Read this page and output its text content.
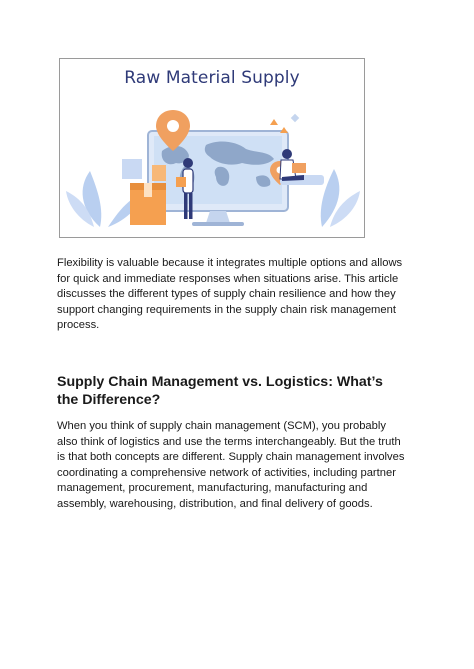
Raw Material Supply

Flexibility is valuable because it integrates multiple options and allows for quick and immediate responses when situations arise. This article discusses the different types of supply chain resilience and how they support changing requirements in the supply chain risk management process.

Supply Chain Management vs. Logistics: What’s the Difference?

When you think of supply chain management (SCM), you probably also think of logistics and use the terms interchangeably. But the truth is that both concepts are different. Supply chain management involves coordinating a comprehensive network of activities, including partner management, procurement, manufacturing, manufacturing and assembly, warehousing, distribution, and final delivery of goods.
